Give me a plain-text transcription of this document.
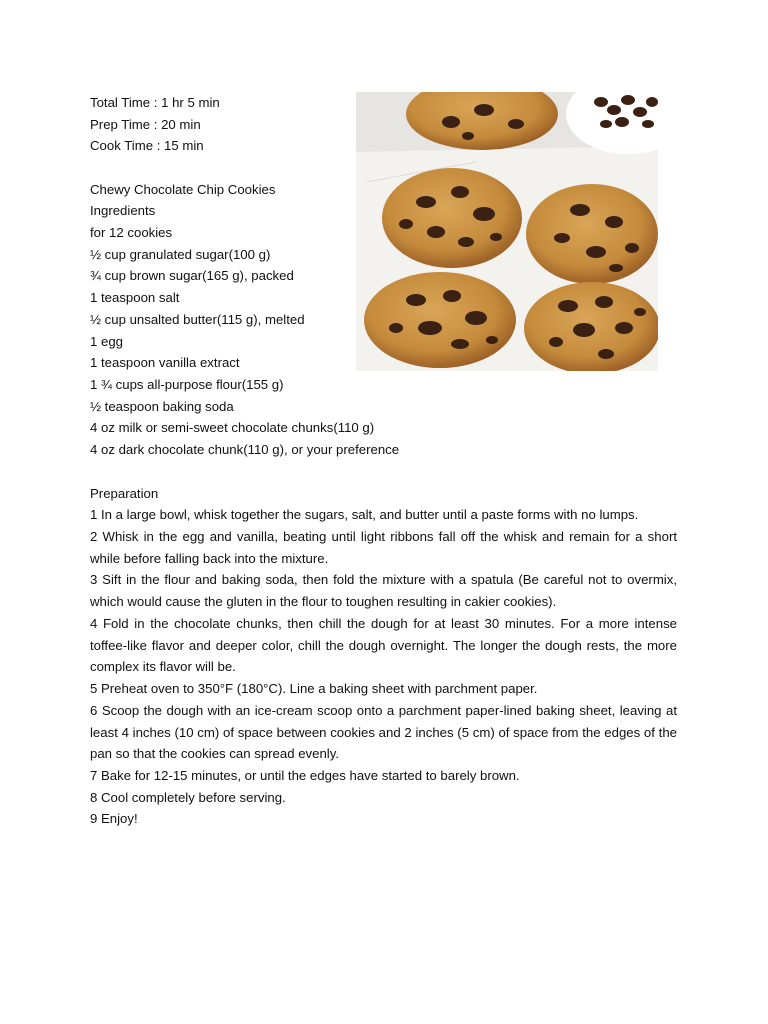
Total Time : 1 hr 5 min

Prep Time : 20 min

Cook Time : 15 min

Chewy Chocolate Chip Cookies

Ingredients

for 12 cookies

½ cup granulated sugar(100 g)

¾ cup brown sugar(165 g), packed

1 teaspoon salt

½ cup unsalted butter(115 g), melted

1 egg

1 teaspoon vanilla extract

1 ¾ cups all-purpose flour(155 g)

½ teaspoon baking soda

4 oz milk or semi-sweet chocolate chunks(110 g)

4 oz dark chocolate chunk(110 g), or your preference

Preparation

1 In a large bowl, whisk together the sugars, salt, and butter until a paste forms with no lumps.

2 Whisk in the egg and vanilla, beating until light ribbons fall off the whisk and remain for a short while before falling back into the mixture.

3 Sift in the flour and baking soda, then fold the mixture with a spatula (Be careful not to overmix, which would cause the gluten in the flour to toughen resulting in cakier cookies).

4 Fold in the chocolate chunks, then chill the dough for at least 30 minutes. For a more intense toffee-like flavor and deeper color, chill the dough overnight. The longer the dough rests, the more complex its flavor will be.

5 Preheat oven to 350°F (180°C). Line a baking sheet with parchment paper.

6 Scoop the dough with an ice-cream scoop onto a parchment paper-lined baking sheet, leaving at least 4 inches (10 cm) of space between cookies and 2 inches (5 cm) of space from the edges of the pan so that the cookies can spread evenly.

7 Bake for 12-15 minutes, or until the edges have started to barely brown.

8 Cool completely before serving.

9 Enjoy!
